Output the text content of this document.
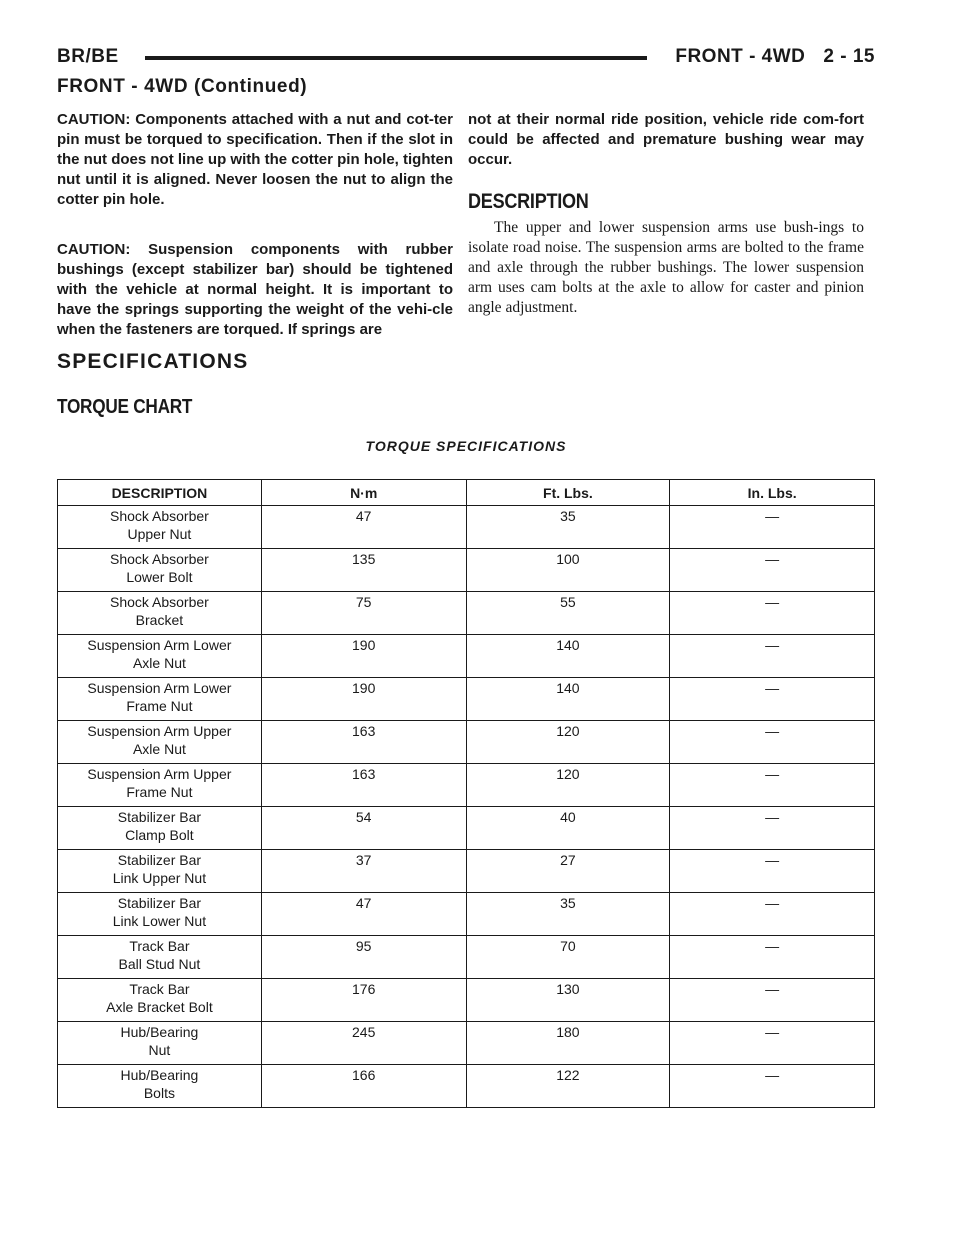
BR/BE	FRONT - 4WD 2 - 15
FRONT - 4WD (Continued)

CAUTION: Components attached with a nut and cot-ter pin must be torqued to specification. Then if the slot in the nut does not line up with the cotter pin hole, tighten nut until it is aligned. Never loosen the nut to align the cotter pin hole.

CAUTION: Suspension components with rubber bushings (except stabilizer bar) should be tightened with the vehicle at normal height. It is important to have the springs supporting the weight of the vehi-cle when the fasteners are torqued. If springs are

not at their normal ride position, vehicle ride com-fort could be affected and premature bushing wear may occur.

DESCRIPTION

The upper and lower suspension arms use bush-ings to isolate road noise. The suspension arms are bolted to the frame and axle through the rubber bushings. The lower suspension arm uses cam bolts at the axle to allow for caster and pinion angle adjustment.

SPECIFICATIONS
TORQUE CHART
TORQUE SPECIFICATIONS
DESCRIPTION	N·m	Ft. Lbs.	In. Lbs.

Shock Absorber
Upper Nut	47	35	—

Shock Absorber
Lower Bolt	135	100	—

Shock Absorber
Bracket	75	55	—

Suspension Arm Lower
Axle Nut	190	140	—

Suspension Arm Lower
Frame Nut	190	140	—

Suspension Arm Upper
Axle Nut	163	120	—

Suspension Arm Upper
Frame Nut	163	120	—

Stabilizer Bar
Clamp Bolt	54	40	—

Stabilizer Bar
Link Upper Nut	37	27	—

Stabilizer Bar
Link Lower Nut	47	35	—

Track Bar
Ball Stud Nut	95	70	—

Track Bar
Axle Bracket Bolt	176	130	—

Hub/Bearing
Nut	245	180	—

Hub/Bearing
Bolts	166	122	—
